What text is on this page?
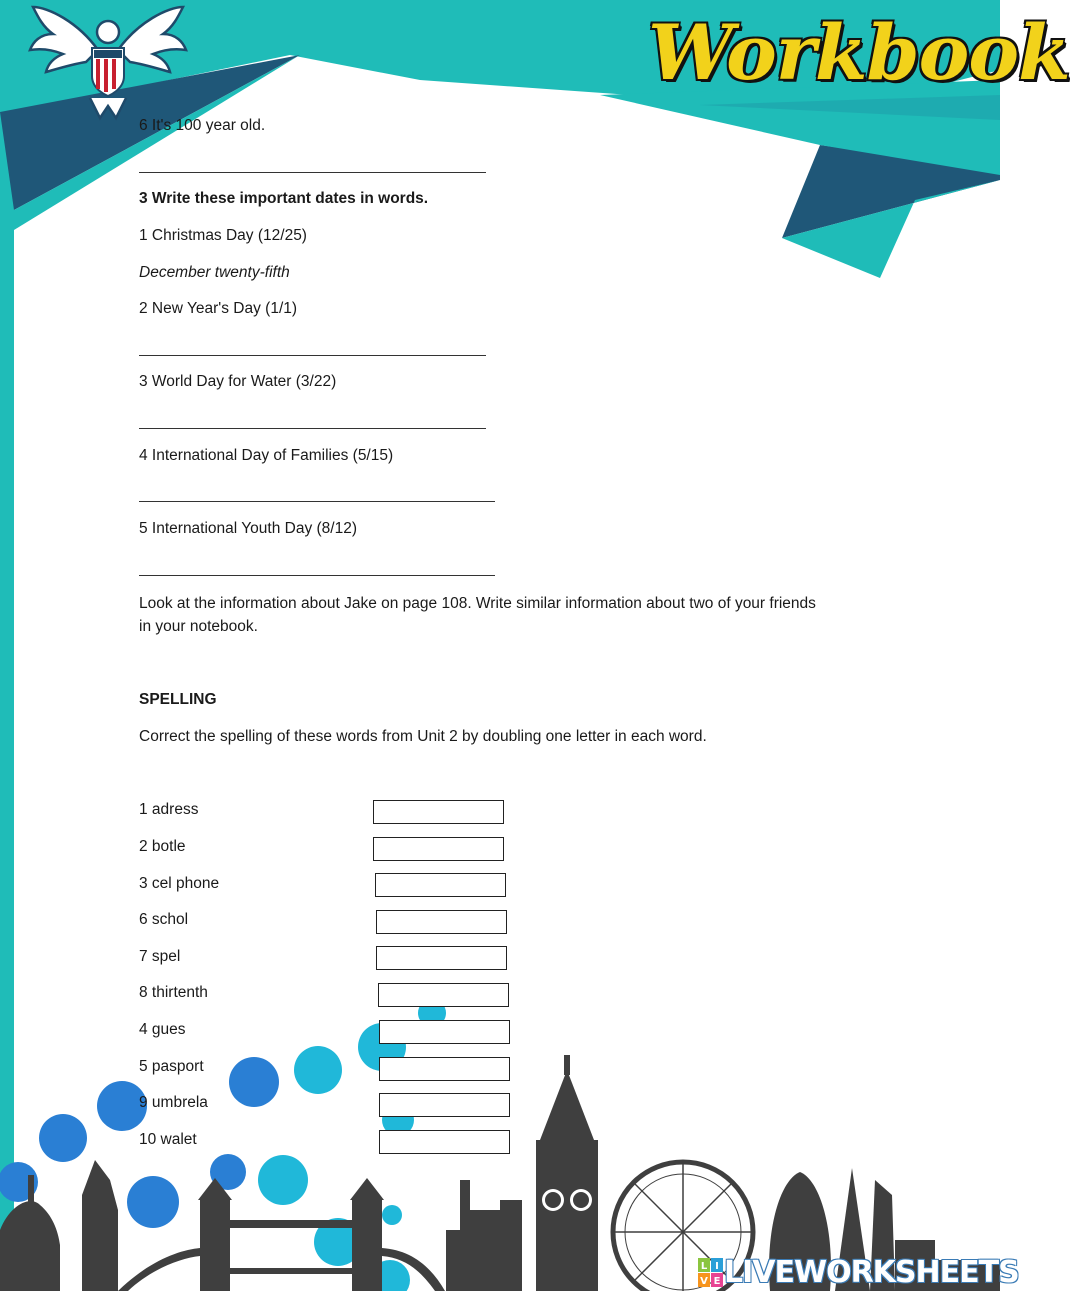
Workbook
6 It's 100 year old.
3 Write these important dates in words.
1 Christmas Day (12/25)
December twenty-fifth
2 New Year's Day (1/1)
3 World Day for Water (3/22)
4 International Day of Families (5/15)
5 International Youth Day (8/12)
Look at the information about Jake on page 108. Write similar information about two of your friends in your notebook.
SPELLING
Correct the spelling of these words from Unit 2 by doubling one letter in each word.
1 adress
2 botle
3 cel phone
6 schol
7 spel
8 thirtenth
4 gues
5 pasport
9 umbrela
10 walet
L I
V E LIVEWORKSHEETS
